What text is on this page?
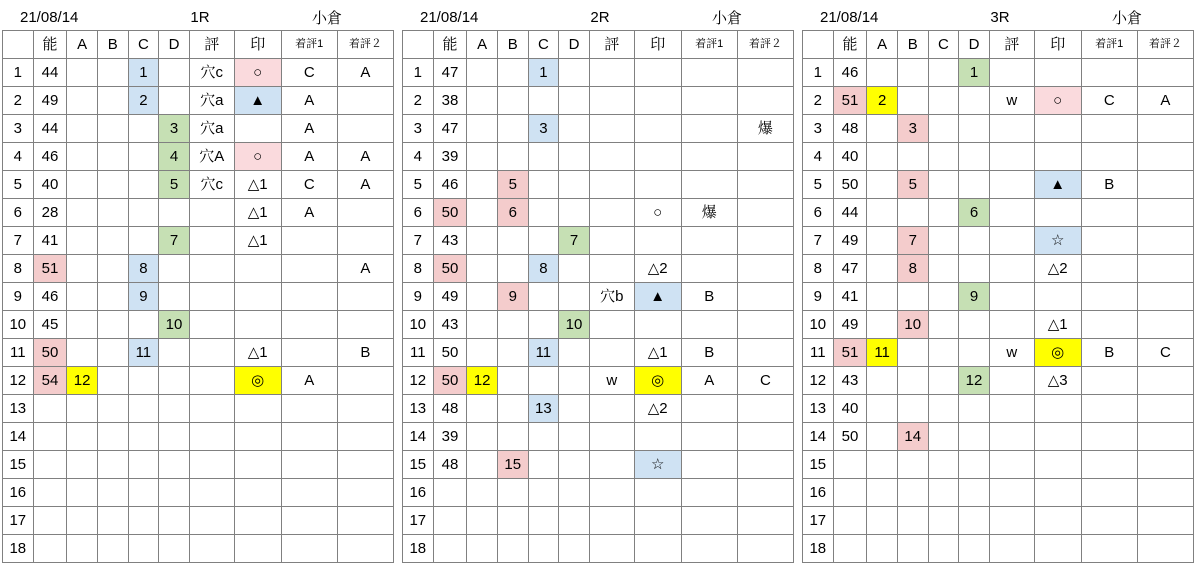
21/08/14	1R	小倉
	能	A	B	C	D	評	印	着評1	着評２
1	44			1		穴c	○	C	A
2	49			2		穴a	▲	A	
3	44				3	穴a		A	
4	46				4	穴A	○	A	A
5	40				5	穴c	△1	C	A
6	28						△1	A	
7	41				7		△1		
8	51			8					A
9	46			9					
10	45				10				
11	50			11			△1		B
12	54	12					◎	A	
13									
14									
15									
16									
17									
18									
21/08/14	2R	小倉
	能	A	B	C	D	評	印	着評1	着評２
1	47			1					
2	38								
3	47			3					爆
4	39								
5	46		5						
6	50		6				○	爆	
7	43				7				
8	50			8			△2		
9	49		9			穴b	▲	B	
10	43				10				
11	50			11			△1	B	
12	50	12				w	◎	A	C
13	48			13			△2		
14	39								
15	48		15				☆		
16									
17									
18									
21/08/14	3R	小倉
	能	A	B	C	D	評	印	着評1	着評２
1	46				1				
2	51	2				w	○	C	A
3	48		3						
4	40								
5	50		5				▲	B	
6	44				6				
7	49		7				☆		
8	47		8				△2		
9	41				9				
10	49		10				△1		
11	51	11				w	◎	B	C
12	43				12		△3		
13	40								
14	50		14						
15									
16									
17									
18									
